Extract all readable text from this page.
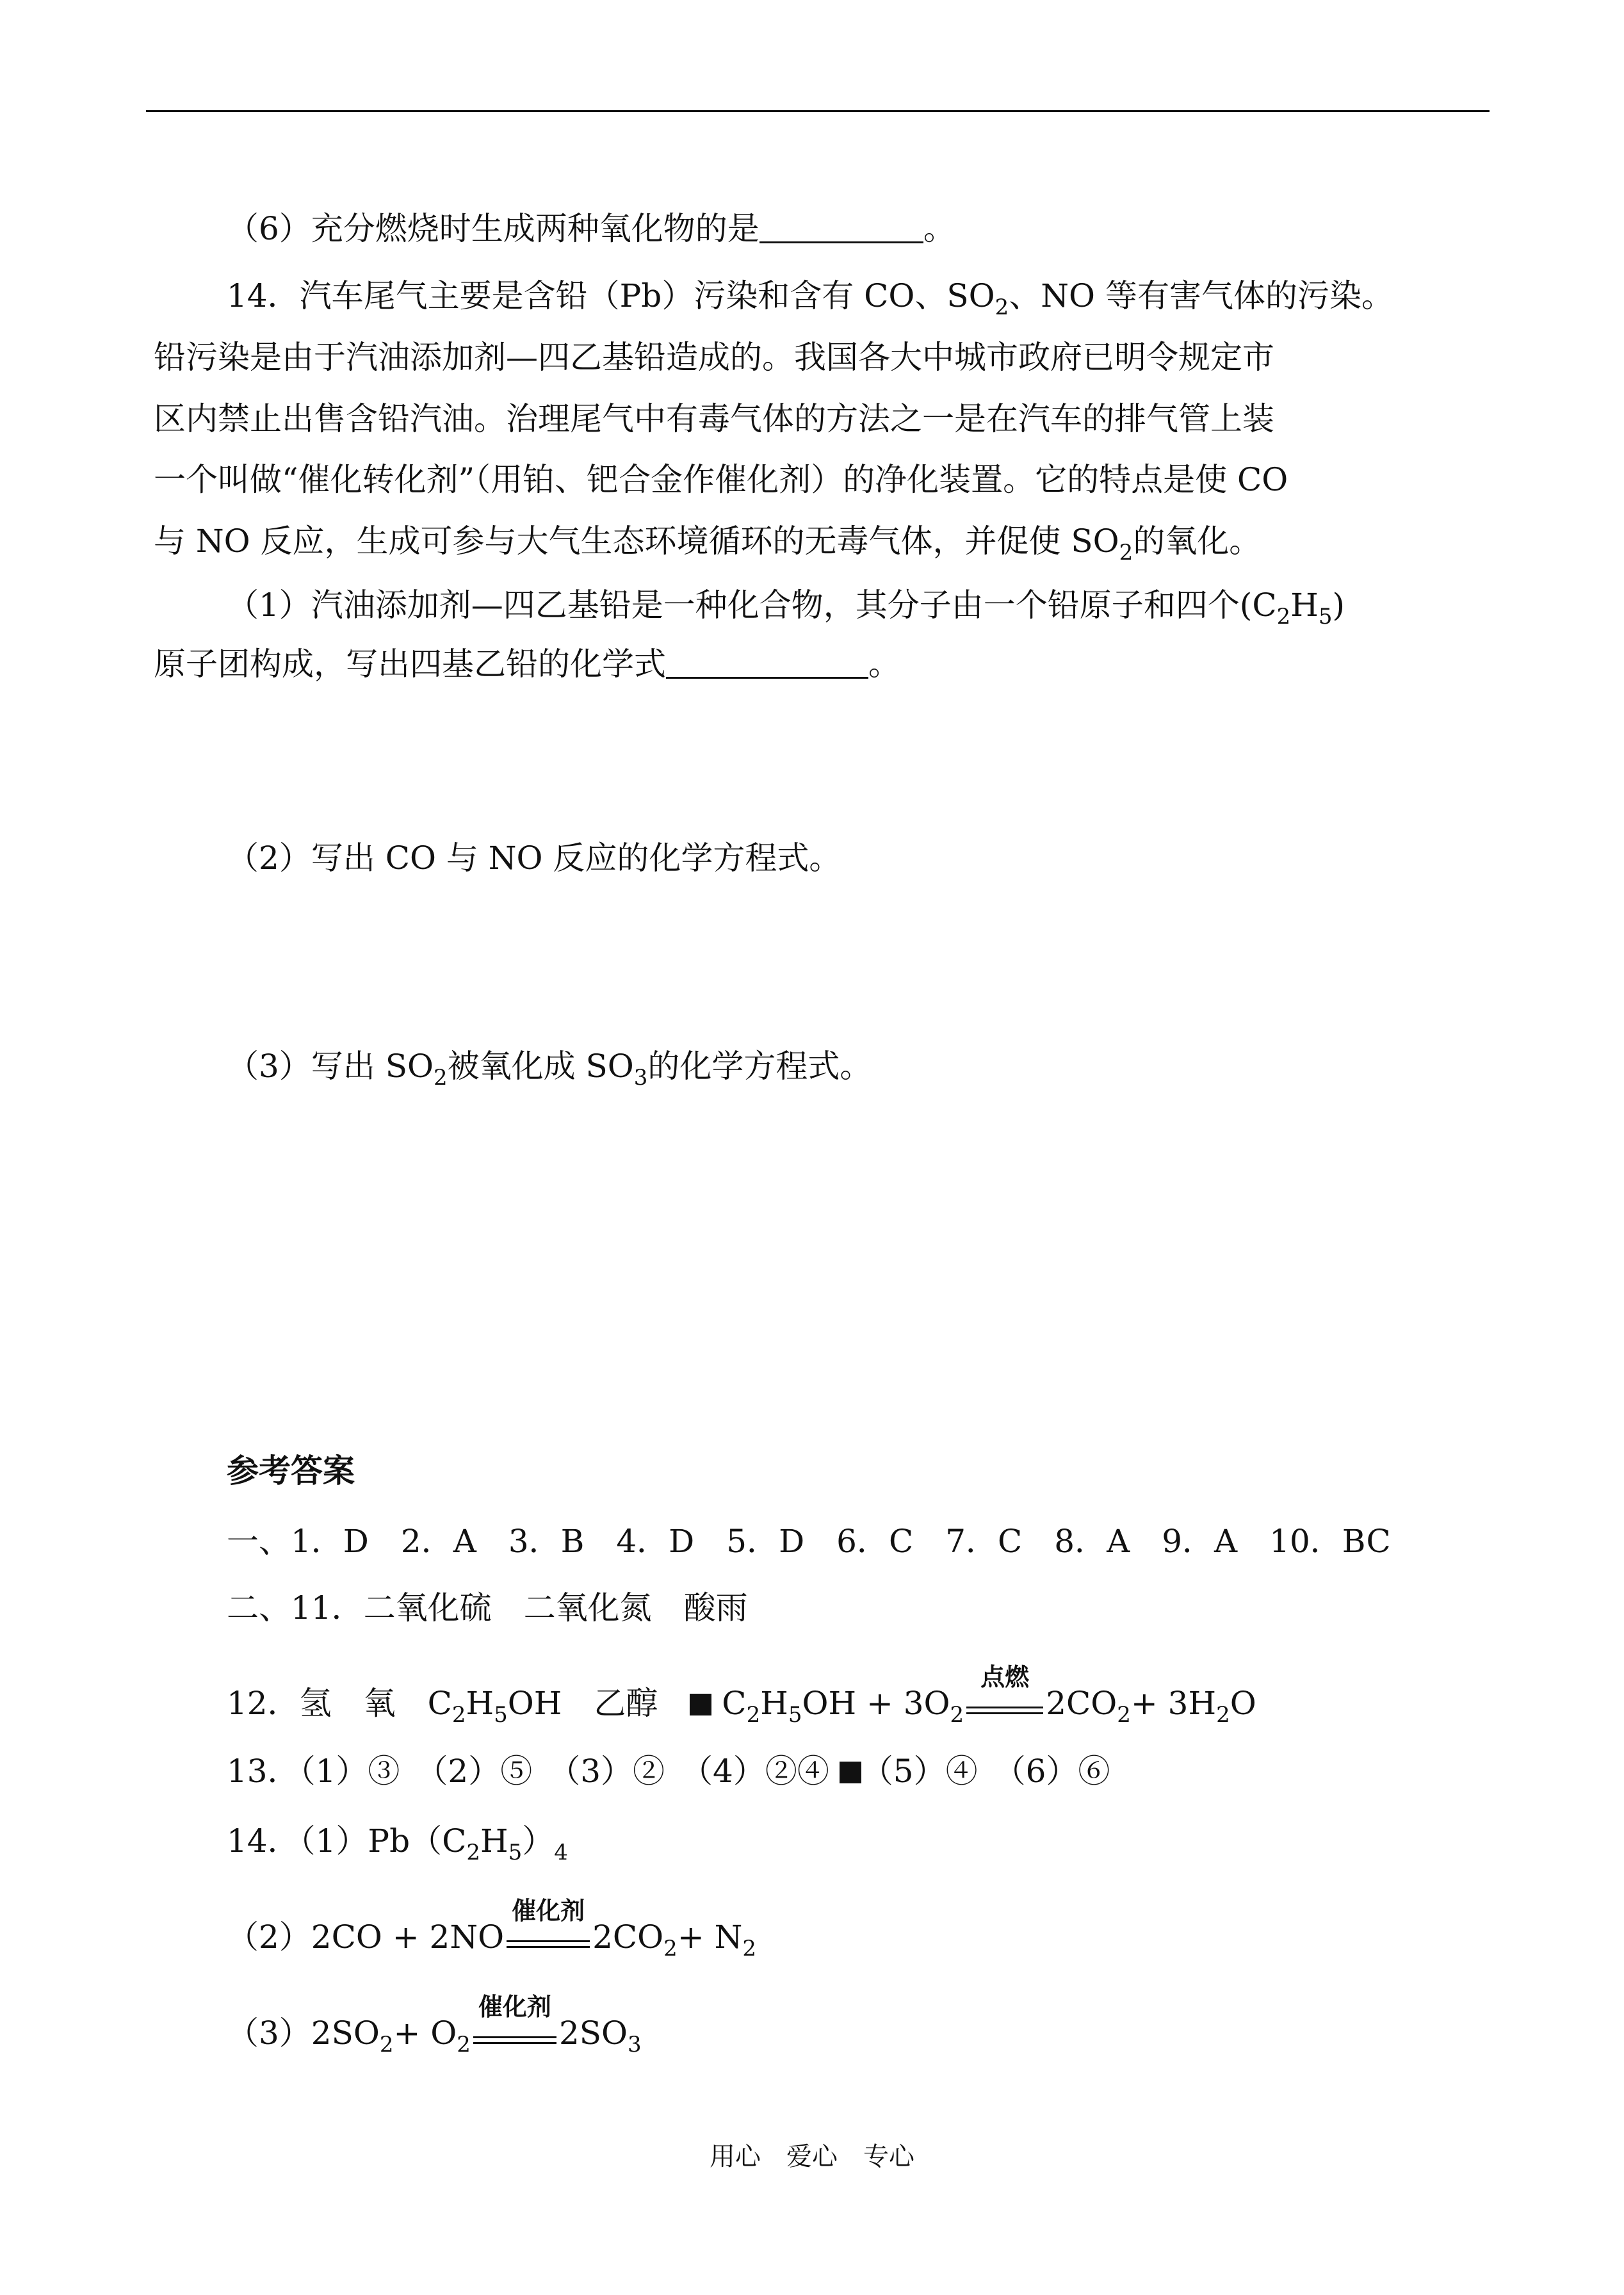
（6）充分燃烧时生成两种氧化物的是	。
14．汽车尾气主要是含铅（Pb）污染和含有 CO、$SO_2$、NO 等有害气体的污染。
铅污染是由于汽油添加剂—四乙基铅造成的。我国各大中城市政府已明令规定市
区内禁止出售含铅汽油。治理尾气中有毒气体的方法之一是在汽车的排气管上装
一个叫做“催化转化剂”（用铂、钯合金作催化剂）的净化装置。它的特点是使 CO
与 NO 反应，生成可参与大气生态环境循环的无毒气体，并促使 $SO_2$的氧化。
（1）汽油添加剂—四乙基铅是一种化合物，其分子由一个铅原子和四个$(C_2H_5)$
原子团构成，写出四基乙铅的化学式	。
（2）写出 CO 与 NO 反应的化学方程式。
（3）写出 $SO_2$被氧化成 $SO_3$的化学方程式。
参考答案
一、1．D　2．A　3．B　4．D　5．D　6．C　7．C　8．A　9．A　10．BC
二、11．二氧化硫　二氧化氮　酸雨
12．氢　氧　$C_2H_5OH$　乙醇　 $C_2H_5OH + 3O_2$
点燃
$2CO_2+ 3H_2O$
13．（1）③　（2）⑤　（3）②　（4）②④ （5）④　（6）⑥
14．$(1)Pb(C_2H_5)_4$
（2）2CO + 2NO
催化剂
$2CO_2+ N_2$
$(3)2SO_2+ O_2$
催化剂
$2SO_3$
用心　爱心　专心
